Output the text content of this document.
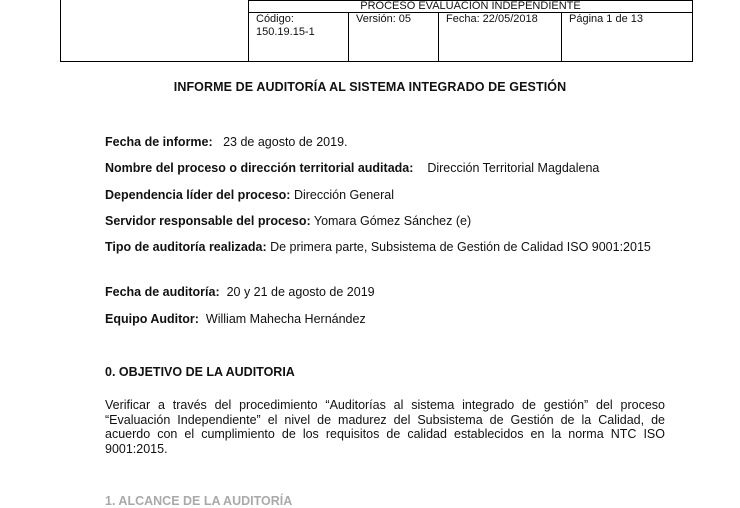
PROCESO EVALUACIÓN INDEPENDIENTE
Código: 150.19.15-1
Versión: 05	Fecha: 22/05/2018	Página 1 de 13
INFORME DE AUDITORÍA AL SISTEMA INTEGRADO DE GESTIÓN
Fecha de informe: 23 de agosto de 2019.
Nombre del proceso o dirección territorial auditada: Dirección Territorial Magdalena
Dependencia líder del proceso: Dirección General
Servidor responsable del proceso: Yomara Gómez Sánchez (e)
Tipo de auditoría realizada: De primera parte, Subsistema de Gestión de Calidad ISO 9001:2015
Fecha de auditoría: 20 y 21 de agosto de 2019
Equipo Auditor: William Mahecha Hernández
0. OBJETIVO DE LA AUDITORIA
Verificar a través del procedimiento “Auditorías al sistema integrado de gestión” del proceso “Evaluación Independiente” el nivel de madurez del Subsistema de Gestión de la Calidad, de acuerdo con el cumplimiento de los requisitos de calidad establecidos en la norma NTC ISO 9001:2015.
1. ALCANCE DE LA AUDITORÍA
